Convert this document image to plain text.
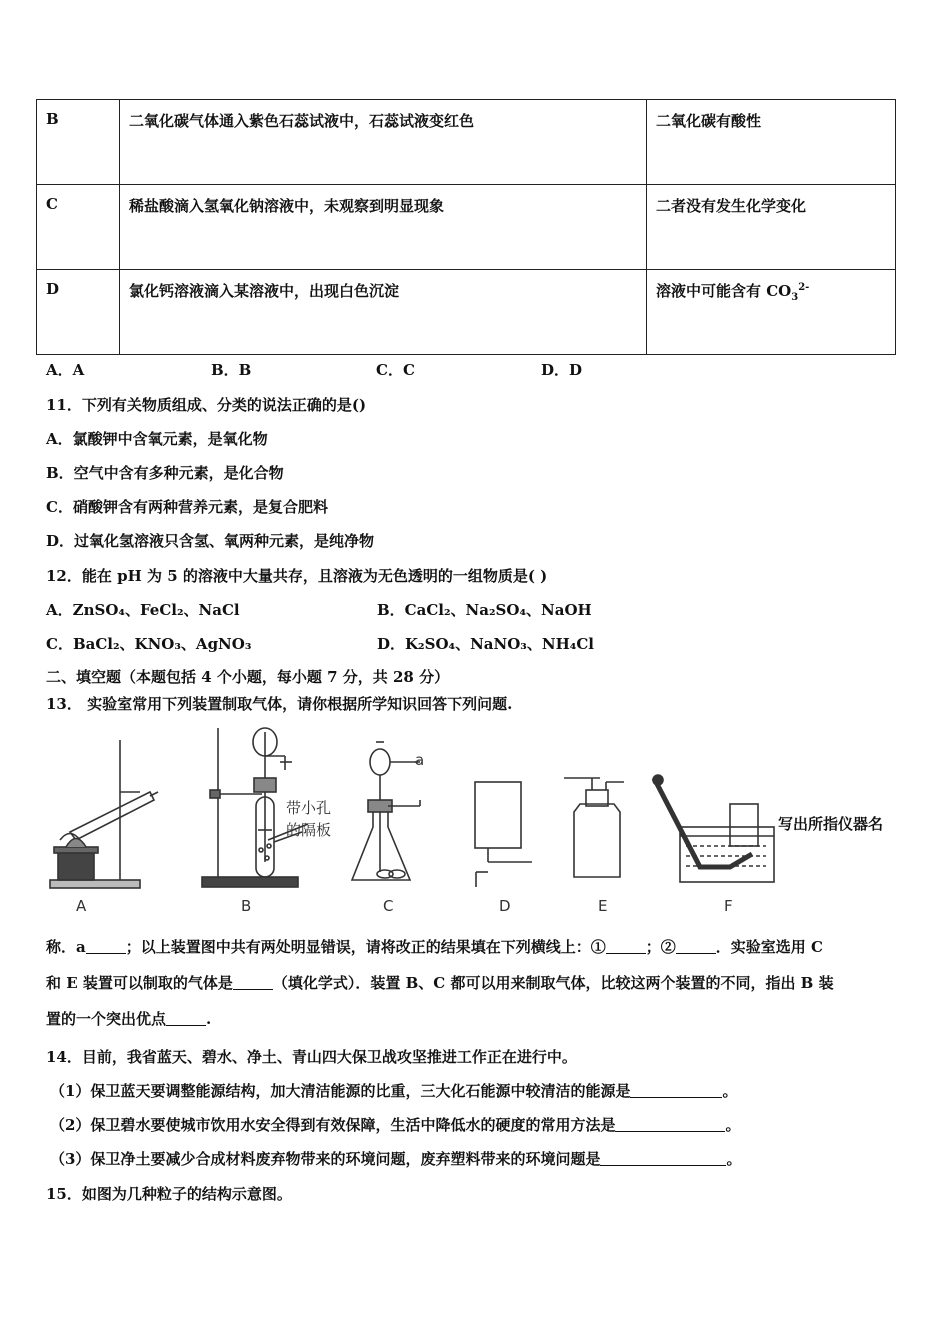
B	二氧化碳气体通入紫色石蕊试液中，石蕊试液变红色	二氧化碳有酸性
C	稀盐酸滴入氢氧化钠溶液中，未观察到明显现象	二者没有发生化学变化
D	氯化钙溶液滴入某溶液中，出现白色沉淀	溶液中可能含有 $CO_3^{2-}$
A．A	B．B	C．C	D．D
11．下列有关物质组成、分类的说法正确的是()
A．氯酸钾中含氧元素，是氧化物
B．空气中含有多种元素，是化合物
C．硝酸钾含有两种营养元素，是复合肥料
D．过氧化氢溶液只含氢、氧两种元素，是纯净物
12．能在 pH 为 5 的溶液中大量共存，且溶液为无色透明的一组物质是( )
A．ZnSO₄、FeCl₂、NaCl	B．CaCl₂、Na₂SO₄、NaOH
C．BaCl₂、KNO₃、AgNO₃	D．K₂SO₄、NaNO₃、NH₄Cl
二、填空题（本题包括 4 个小题，每小题 7 分，共 28 分）
13． 实验室常用下列装置制取气体，请你根据所学知识回答下列问题.
A	B	C	D	E	F
带小孔
的隔板
a
写出所指仪器名
称．a	；以上装置图中共有两处明显错误，请将改正的结果填在下列横线上：①	；②	．实验室选用 C
和 E 装置可以制取的气体是	（填化学式）．装置 B、C 都可以用来制取气体，比较这两个装置的不同，指出 B 装
置的一个突出优点	.
14．目前，我省蓝天、碧水、净土、青山四大保卫战攻坚推进工作正在进行中。
（1）保卫蓝天要调整能源结构，加大清洁能源的比重，三大化石能源中较清洁的能源是	。
（2）保卫碧水要使城市饮用水安全得到有效保障，生活中降低水的硬度的常用方法是	。
（3）保卫净土要减少合成材料废弃物带来的环境问题，废弃塑料带来的环境问题是	。
15．如图为几种粒子的结构示意图。
